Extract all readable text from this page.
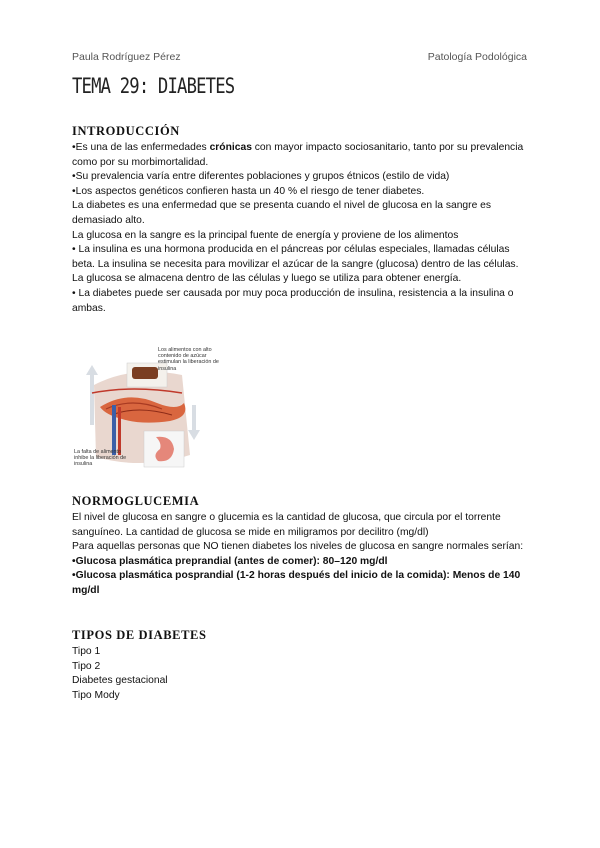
Paula Rodríguez Pérez	Patología Podológica
TEMA 29: DIABETES
INTRODUCCIÓN

•Es una de las enfermedades crónicas con mayor impacto sociosanitario, tanto por su prevalencia como por su morbimortalidad.

•Su prevalencia varía entre diferentes poblaciones y grupos étnicos (estilo de vida)

•Los aspectos genéticos confieren hasta un 40 % el riesgo de tener diabetes.

La diabetes es una enfermedad que se presenta cuando el nivel de glucosa en la sangre es demasiado alto.

La glucosa en la sangre es la principal fuente de energía y proviene de los alimentos

• La insulina es una hormona producida en el páncreas por células especiales, llamadas células beta. La insulina se necesita para movilizar el azúcar de la sangre (glucosa) dentro de las células. La glucosa se almacena dentro de las células y luego se utiliza para obtener energía.

• La diabetes puede ser causada por muy poca producción de insulina, resistencia a la insulina o ambas.

Los alimentos con alto contenido de azúcar estimulan la liberación de insulina
La falta de alimento inhibe la liberación de insulina
NORMOGLUCEMIA

El nivel de glucosa en sangre o glucemia es la cantidad de glucosa, que circula por el torrente sanguíneo. La cantidad de glucosa se mide en miligramos por decilitro (mg/dl)

Para aquellas personas que NO tienen diabetes los niveles de glucosa en sangre normales serían:

•Glucosa plasmática preprandial (antes de comer): 80–120 mg/dl

•Glucosa plasmática posprandial (1-2 horas después del inicio de la comida): Menos de 140 mg/dl

TIPOS DE DIABETES

Tipo 1

Tipo 2

Diabetes gestacional

Tipo Mody
